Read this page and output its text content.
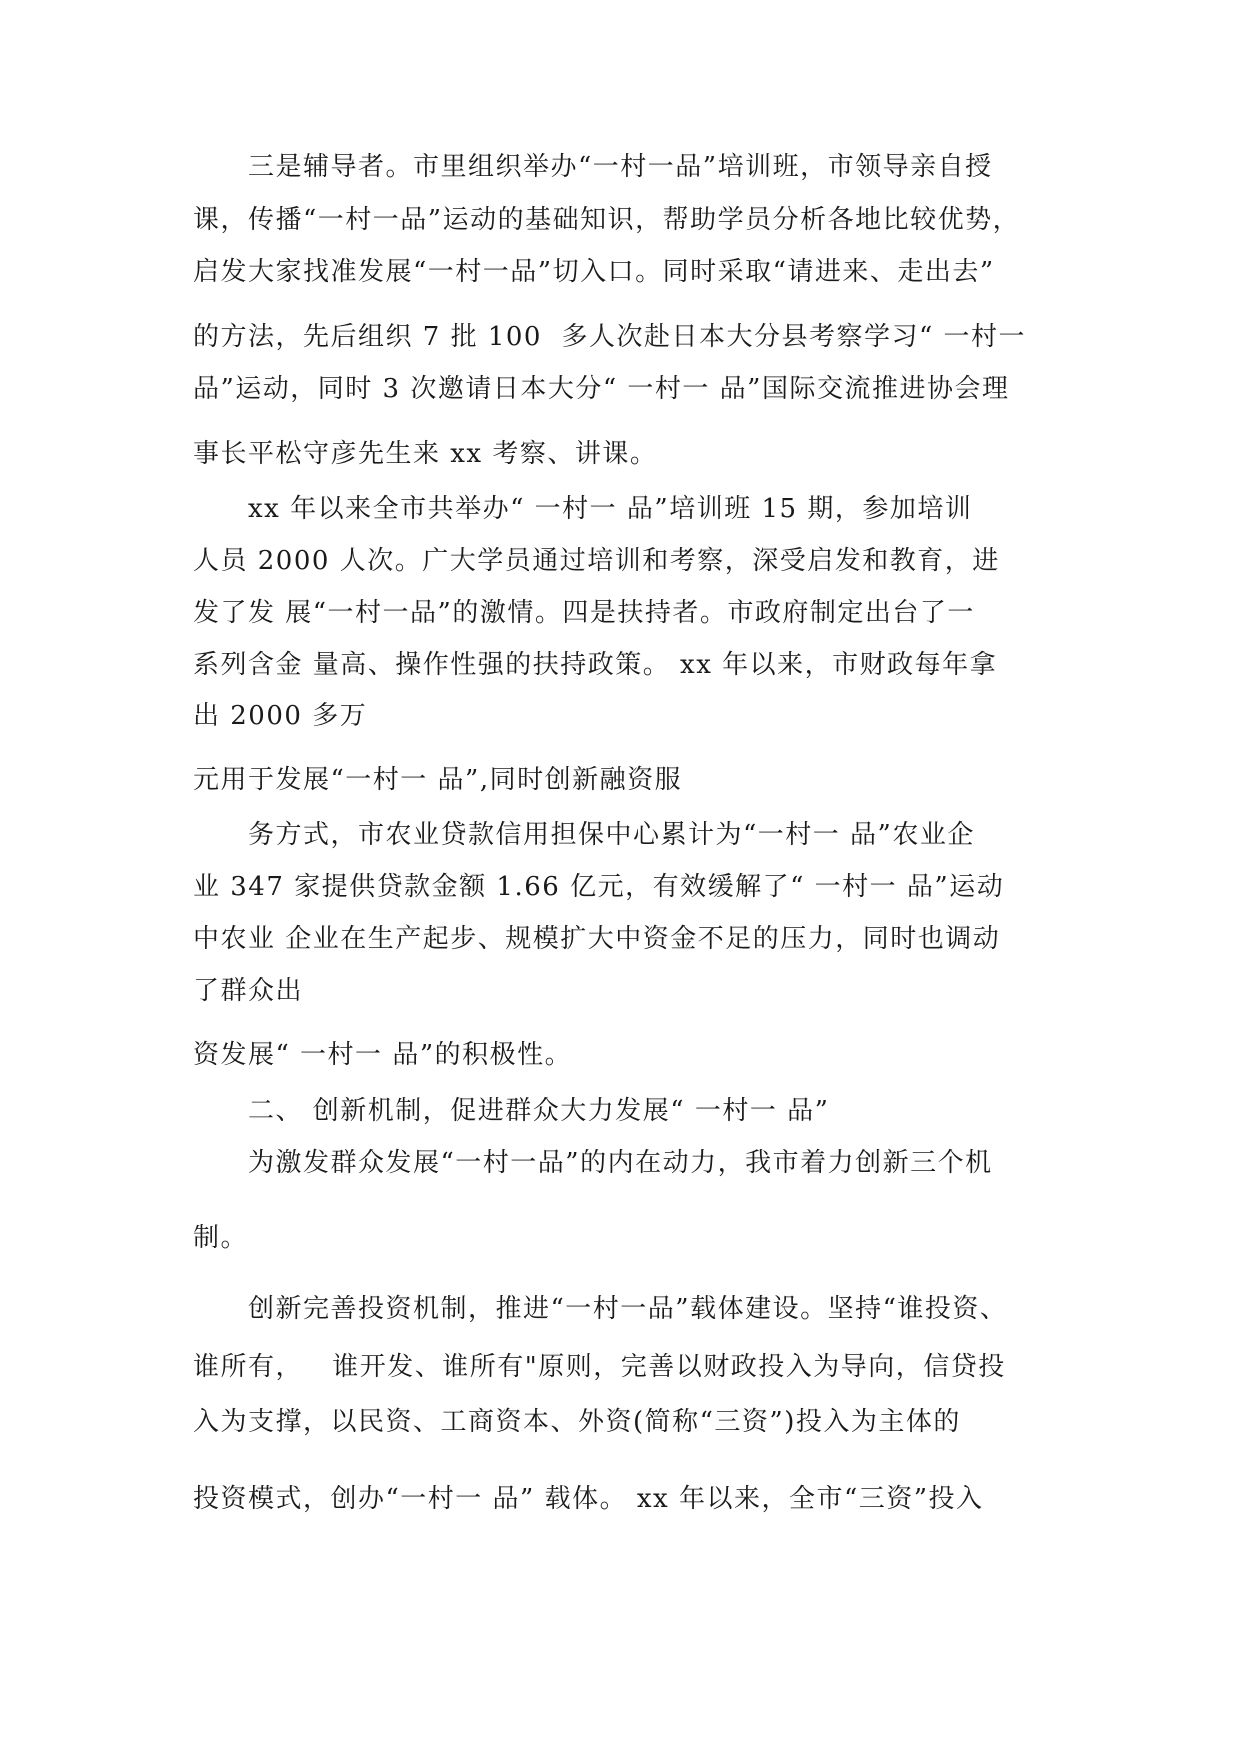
三是辅导者。市里组织举办“一村一品”培训班，市领导亲自授
课，传播“一村一品”运动的基础知识，帮助学员分析各地比较优势，
启发大家找准发展“一村一品”切入口。同时采取“请进来、走出去”
的方法，先后组织 7 批 100  多人次赴日本大分县考察学习“ 一村一
品”运动，同时 3 次邀请日本大分“ 一村一 品”国际交流推进协会理
事长平松守彦先生来 xx 考察、讲课。
xx 年以来全市共举办“ 一村一 品”培训班 15 期，参加培训
人员 2000 人次。广大学员通过培训和考察，深受启发和教育，进
发了发 展“一村一品”的激情。四是扶持者。市政府制定出台了一
系列含金 量高、操作性强的扶持政策。 xx 年以来，市财政每年拿
出 2000 多万
元用于发展“一村一 品”,同时创新融资服
务方式，市农业贷款信用担保中心累计为“一村一 品”农业企
业 347 家提供贷款金额 1.66 亿元，有效缓解了“ 一村一 品”运动
中农业 企业在生产起步、规模扩大中资金不足的压力，同时也调动
了群众出
资发展“ 一村一 品”的积极性。
二、 创新机制，促进群众大力发展“ 一村一 品”
为激发群众发展“一村一品”的内在动力，我市着力创新三个机
制。
创新完善投资机制，推进“一村一品”载体建设。坚持“谁投资、
谁所有，   谁开发、谁所有"原则，完善以财政投入为导向，信贷投
入为支撑，以民资、工商资本、外资(简称“三资”)投入为主体的
投资模式，创办“一村一 品” 载体。 xx 年以来，全市“三资”投入
